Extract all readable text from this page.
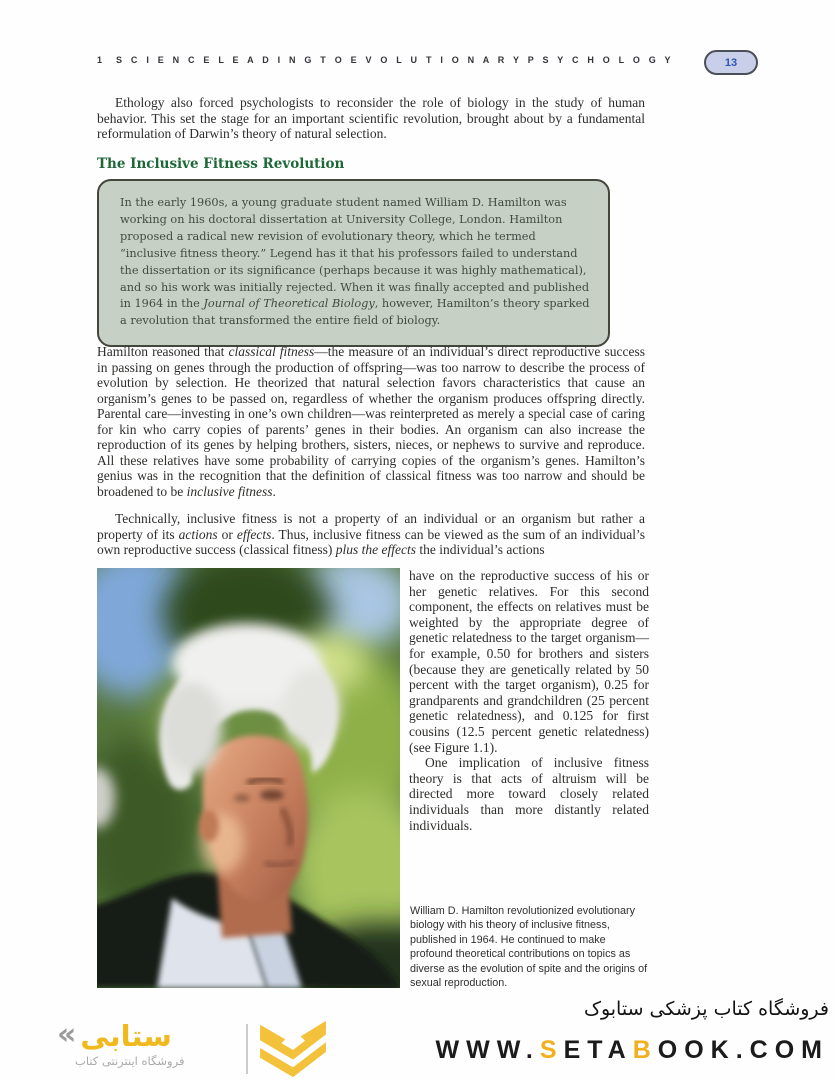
1 S C I E N C E L E A D I N G T O E V O L U T I O N A R Y P S Y C H O L O G Y	13

Ethology also forced psychologists to reconsider the role of biology in the study of human behavior. This set the stage for an important scientific revolution, brought about by a fundamental reformulation of Darwin’s theory of natural selection.

The Inclusive Fitness Revolution

In the early 1960s, a young graduate student named William D. Hamilton was working on his doctoral dissertation at University College, London. Hamilton proposed a radical new revision of evolutionary theory, which he termed “inclusive fitness theory.” Legend has it that his professors failed to understand the dissertation or its significance (perhaps because it was highly mathematical), and so his work was initially rejected. When it was finally accepted and published in 1964 in the Journal of Theoretical Biology, however, Hamilton’s theory sparked a revolution that transformed the entire field of biology.

Hamilton reasoned that classical fitness—the measure of an individual’s direct reproductive success in passing on genes through the production of offspring—was too narrow to describe the process of evolution by selection. He theorized that natural selection favors characteristics that cause an organism’s genes to be passed on, regardless of whether the organism produces offspring directly. Parental care—investing in one’s own children—was reinterpreted as merely a special case of caring for kin who carry copies of parents’ genes in their bodies. An organism can also increase the reproduction of its genes by helping brothers, sisters, nieces, or nephews to survive and reproduce. All these relatives have some probability of carrying copies of the organism’s genes. Hamilton’s genius was in the recognition that the definition of classical fitness was too narrow and should be broadened to be inclusive fitness.

Technically, inclusive fitness is not a property of an individual or an organism but rather a property of its actions or effects. Thus, inclusive fitness can be viewed as the sum of an individual’s own reproductive success (classical fitness) plus the effects the individual’s actions

have on the reproductive success of his or her genetic relatives. For this second component, the effects on relatives must be weighted by the appropriate degree of genetic relatedness to the target organism—for example, 0.50 for brothers and sisters (because they are genetically related by 50 percent with the target organism), 0.25 for grandparents and grandchildren (25 percent genetic relatedness), and 0.125 for first cousins (12.5 percent genetic relatedness) (see Figure 1.1).

One implication of inclusive fitness theory is that acts of altruism will be directed more toward closely related individuals than more distantly related individuals.

William D. Hamilton revolutionized evolutionary biology with his theory of inclusive fitness, published in 1964. He continued to make profound theoretical contributions on topics as diverse as the evolution of spite and the origins of sexual reproduction.
« ستابی
فروشگاه اینترنتی کتاب
فروشگاه کتاب پزشکی ستابوک
WWW.SETABOOK.COM
